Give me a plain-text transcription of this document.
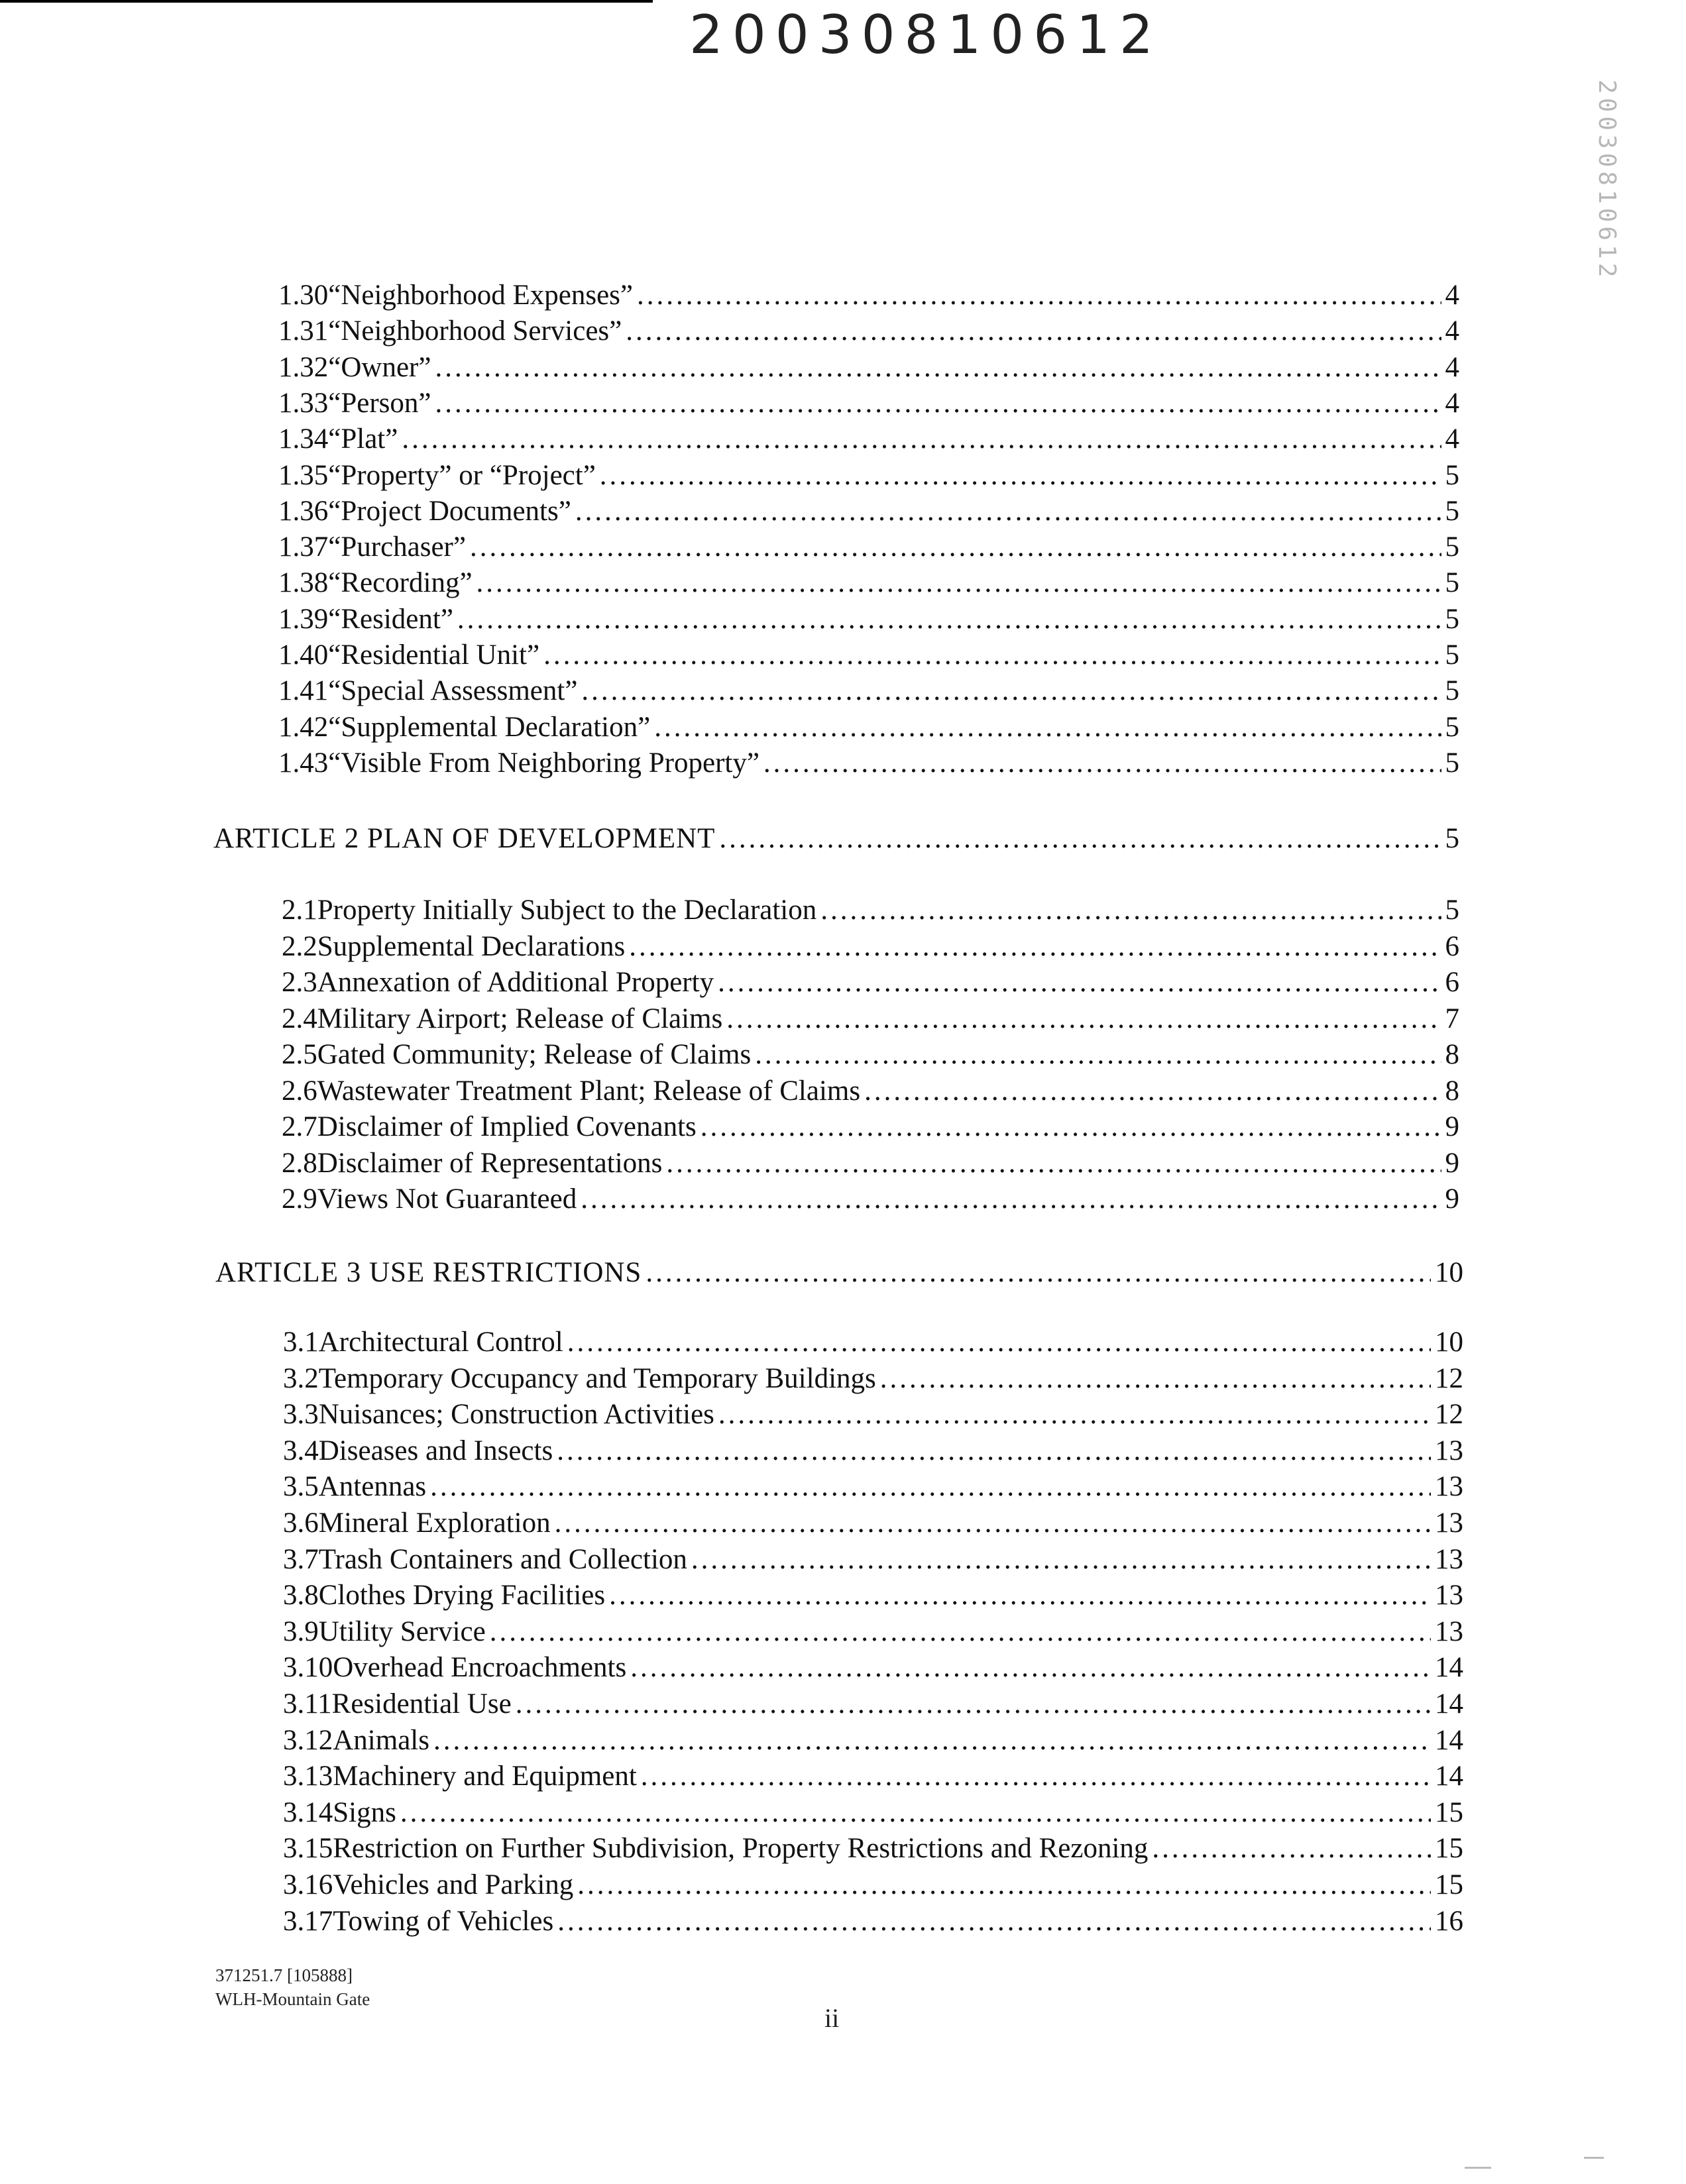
20030810612
20030810612
1.30 “Neighborhood Expenses” .....	4
1.31 “Neighborhood Services” .....	4
1.32 “Owner” .....	4
1.33 “Person” .....	4
1.34 “Plat” .....	4
1.35 “Property” or “Project” .....	5
1.36 “Project Documents” .....	5
1.37 “Purchaser” .....	5
1.38 “Recording” .....	5
1.39 “Resident” .....	5
1.40 “Residential Unit” .....	5
1.41 “Special Assessment” .....	5
1.42 “Supplemental Declaration” .....	5
1.43 “Visible From Neighboring Property” .....	5
ARTICLE 2 PLAN OF DEVELOPMENT .....	5
2.1 Property Initially Subject to the Declaration .....	5
2.2 Supplemental Declarations .....	6
2.3 Annexation of Additional Property .....	6
2.4 Military Airport; Release of Claims .....	7
2.5 Gated Community; Release of Claims .....	8
2.6 Wastewater Treatment Plant; Release of Claims .....	8
2.7 Disclaimer of Implied Covenants .....	9
2.8 Disclaimer of Representations .....	9
2.9 Views Not Guaranteed .....	9
ARTICLE 3 USE RESTRICTIONS .....	10
3.1 Architectural Control .....	10
3.2 Temporary Occupancy and Temporary Buildings .....	12
3.3 Nuisances; Construction Activities .....	12
3.4 Diseases and Insects .....	13
3.5 Antennas .....	13
3.6 Mineral Exploration .....	13
3.7 Trash Containers and Collection .....	13
3.8 Clothes Drying Facilities .....	13
3.9 Utility Service .....	13
3.10 Overhead Encroachments .....	14
3.11 Residential Use .....	14
3.12 Animals .....	14
3.13 Machinery and Equipment .....	14
3.14 Signs .....	15
3.15 Restriction on Further Subdivision, Property Restrictions and Rezoning .....	15
3.16 Vehicles and Parking .....	15
3.17 Towing of Vehicles .....	16
371251.7 [105888]
WLH-Mountain Gate
ii
